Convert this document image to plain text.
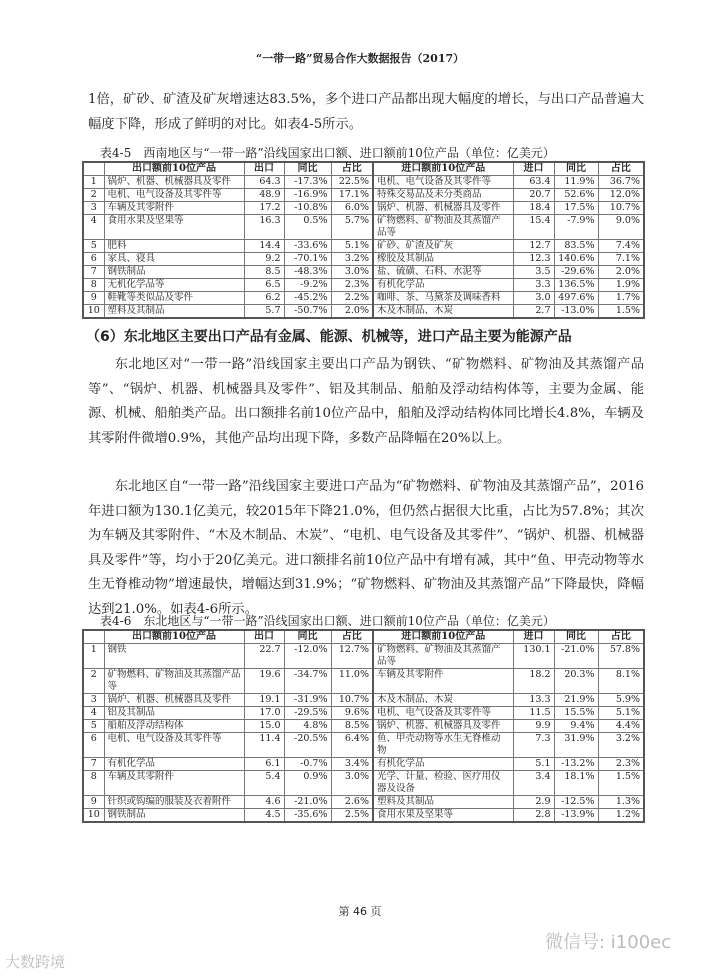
“一带一路”贸易合作大数据报告（2017）
1倍，矿砂、矿渣及矿灰增速达83.5%，多个进口产品都出现大幅度的增长，与出口产品普遍大幅度下降，形成了鲜明的对比。如表4-5所示。
表4-5　西南地区与“一带一路”沿线国家出口额、进口额前10位产品（单位：亿美元）
	出口额前10位产品	出口	同比	占比	进口额前10位产品	进口	同比	占比
1	锅炉、机器、机械器具及零件	64.3	-17.3%	22.5%	电机、电气设备及其零件等	63.4	11.9%	36.7%
2	电机、电气设备及其零件等	48.9	-16.9%	17.1%	特殊交易品及未分类商品	20.7	52.6%	12.0%
3	车辆及其零附件	17.2	-10.8%	6.0%	锅炉、机器、机械器具及零件	18.4	17.5%	10.7%
4	食用水果及坚果等	16.3	0.5%	5.7%	矿物燃料、矿物油及其蒸馏产品等	15.4	-7.9%	9.0%
5	肥料	14.4	-33.6%	5.1%	矿砂、矿渣及矿灰	12.7	83.5%	7.4%
6	家具、寝具	9.2	-70.1%	3.2%	橡胶及其制品	12.3	140.6%	7.1%
7	钢铁制品	8.5	-48.3%	3.0%	盐、硫磺、石料、水泥等	3.5	-29.6%	2.0%
8	无机化学品等	6.5	-9.2%	2.3%	有机化学品	3.3	136.5%	1.9%
9	鞋靴等类似品及零件	6.2	-45.2%	2.2%	咖啡、茶、马黛茶及调味香料	3.0	497.6%	1.7%
10	塑料及其制品	5.7	-50.7%	2.0%	木及木制品、木炭	2.7	-13.0%	1.5%
（6）东北地区主要出口产品有金属、能源、机械等，进口产品主要为能源产品
东北地区对“一带一路”沿线国家主要出口产品为钢铁、“矿物燃料、矿物油及其蒸馏产品等”、“锅炉、机器、机械器具及零件”、铝及其制品、船舶及浮动结构体等，主要为金属、能源、机械、船舶类产品。出口额排名前10位产品中，船舶及浮动结构体同比增长4.8%，车辆及其零附件微增0.9%，其他产品均出现下降，多数产品降幅在20%以上。
东北地区自“一带一路”沿线国家主要进口产品为“矿物燃料、矿物油及其蒸馏产品”，2016年进口额为130.1亿美元，较2015年下降21.0%，但仍然占据很大比重，占比为57.8%；其次为车辆及其零附件、“木及木制品、木炭”、“电机、电气设备及其零件”、“锅炉、机器、机械器具及零件”等，均小于20亿美元。进口额排名前10位产品中有增有减，其中“鱼、甲壳动物等水生无脊椎动物”增速最快，增幅达到31.9%；“矿物燃料、矿物油及其蒸馏产品”下降最快，降幅达到21.0%。如表4-6所示。
表4-6　东北地区与“一带一路”沿线国家出口额、进口额前10位产品（单位：亿美元）
	出口额前10位产品	出口	同比	占比	进口额前10位产品	进口	同比	占比
1	钢铁	22.7	-12.0%	12.7%	矿物燃料、矿物油及其蒸馏产品等	130.1	-21.0%	57.8%
2	矿物燃料、矿物油及其蒸馏产品等	19.6	-34.7%	11.0%	车辆及其零附件	18.2	20.3%	8.1%
3	锅炉、机器、机械器具及零件	19.1	-31.9%	10.7%	木及木制品、木炭	13.3	21.9%	5.9%
4	铝及其制品	17.0	-29.5%	9.6%	电机、电气设备及其零件等	11.5	15.5%	5.1%
5	船舶及浮动结构体	15.0	4.8%	8.5%	锅炉、机器、机械器具及零件	9.9	9.4%	4.4%
6	电机、电气设备及其零件等	11.4	-20.5%	6.4%	鱼、甲壳动物等水生无脊椎动物	7.3	31.9%	3.2%
7	有机化学品	6.1	-0.7%	3.4%	有机化学品	5.1	-13.2%	2.3%
8	车辆及其零附件	5.4	0.9%	3.0%	光学、计量、检验、医疗用仪器及设备	3.4	18.1%	1.5%
9	针织或钩编的服装及衣着附件	4.6	-21.0%	2.6%	塑料及其制品	2.9	-12.5%	1.3%
10	钢铁制品	4.5	-35.6%	2.5%	食用水果及坚果等	2.8	-13.9%	1.2%
第 46 页
大数跨境
微信号: i100ec
